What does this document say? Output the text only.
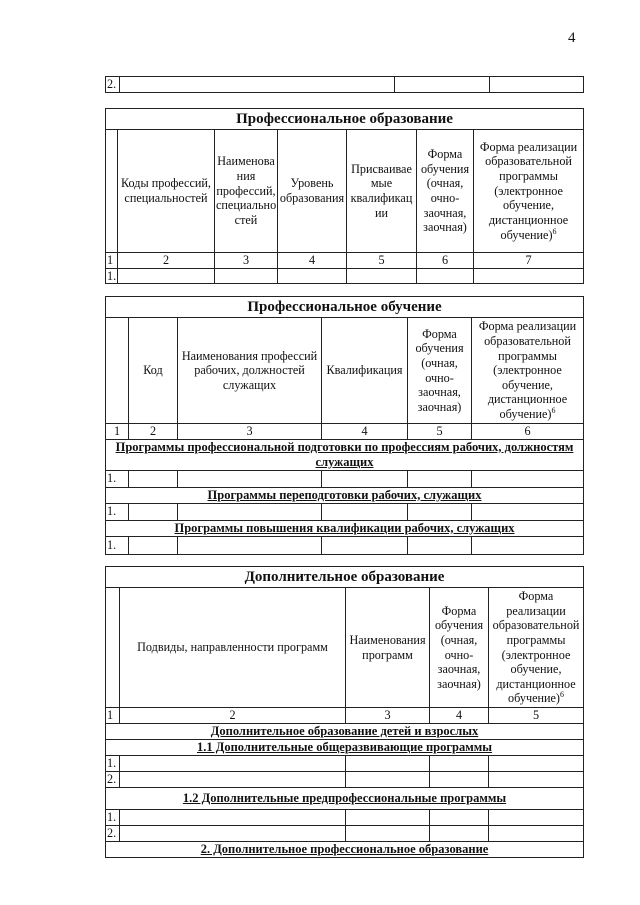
4
2.			
Профессиональное образование						
	Коды профессий, специальностей	Наименова ния профессий, специально стей	Уровень образования	Присваивае мые квалификац ии	Форма обучения (очная, очно-заочная, заочная)	Форма реализации образовательной программы (электронное обучение, дистанционное обучение)$^6$
1	2	3	4	5	6	7
1.						
Профессиональное обучение					
	Код	Наименования профессий рабочих, должностей служащих	Квалификация	Форма обучения (очная, очно-заочная, заочная)	Форма реализации образовательной программы (электронное обучение, дистанционное обучение)$^6$
1	2	3	4	5	6
Программы профессиональной подготовки по профессиям рабочих, должностям служащих					
1.					
Программы переподготовки рабочих, служащих					
1.					
Программы повышения квалификации рабочих, служащих					
1.					
Дополнительное образование				
	Подвиды, направленности программ	Наименования программ	Форма обучения (очная, очно-заочная, заочная)	Форма реализации образовательной программы (электронное обучение, дистанционное обучение)$^6$
1	2	3	4	5
Дополнительное образование детей и взрослых				
1.1 Дополнительные общеразвивающие программы				
1.				
2.				
1.2 Дополнительные предпрофессиональные программы				
1.				
2.				
2. Дополнительное профессиональное образование				
